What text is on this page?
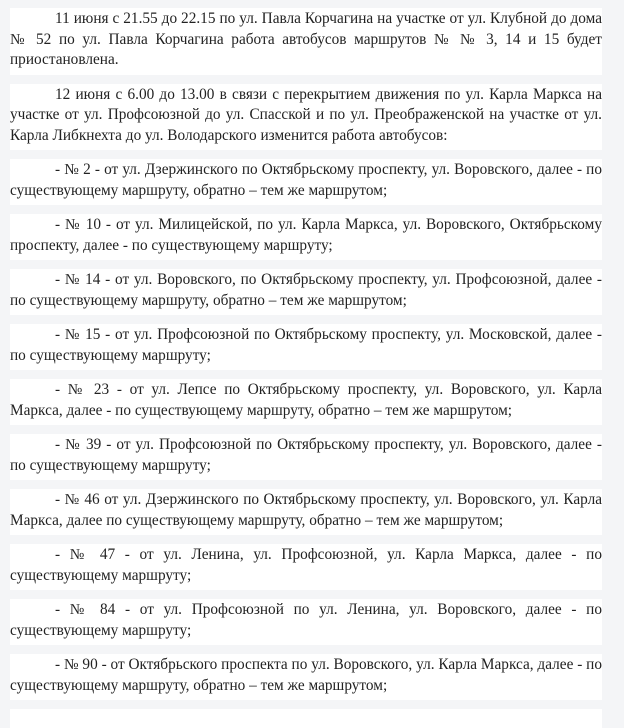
11 июня с 21.55 до 22.15 по ул. Павла Корчагина на участке от ул. Клубной до дома № 52 по ул. Павла Корчагина работа автобусов маршрутов № № 3, 14 и 15 будет приостановлена.
12 июня с 6.00 до 13.00 в связи с перекрытием движения по ул. Карла Маркса на участке от ул. Профсоюзной до ул. Спасской и по ул. Преображенской на участке от ул. Карла Либкнехта до ул. Володарского изменится работа автобусов:
- № 2 - от ул. Дзержинского по Октябрьскому проспекту, ул. Воровского, далее - по существующему маршруту, обратно – тем же маршрутом;
- № 10 - от ул. Милицейской, по ул. Карла Маркса, ул. Воровского, Октябрьскому проспекту, далее - по существующему маршруту;
- № 14 - от ул. Воровского, по Октябрьскому проспекту, ул. Профсоюзной, далее - по существующему маршруту, обратно – тем же маршрутом;
- № 15 - от ул. Профсоюзной по Октябрьскому проспекту, ул. Московской, далее - по существующему маршруту;
- № 23 - от ул. Лепсе по Октябрьскому проспекту, ул. Воровского, ул. Карла Маркса, далее - по существующему маршруту, обратно – тем же маршрутом;
- № 39 - от ул. Профсоюзной по Октябрьскому проспекту, ул. Воровского, далее - по существующему маршруту;
- № 46 от ул. Дзержинского по Октябрьскому проспекту, ул. Воровского, ул. Карла Маркса, далее по существующему маршруту, обратно – тем же маршрутом;
- № 47 - от ул. Ленина, ул. Профсоюзной, ул. Карла Маркса, далее - по существующему маршруту;
- № 84 - от ул. Профсоюзной по ул. Ленина, ул. Воровского, далее - по существующему маршруту;
- № 90 - от Октябрьского проспекта по ул. Воровского, ул. Карла Маркса, далее - по существующему маршруту, обратно – тем же маршрутом;
